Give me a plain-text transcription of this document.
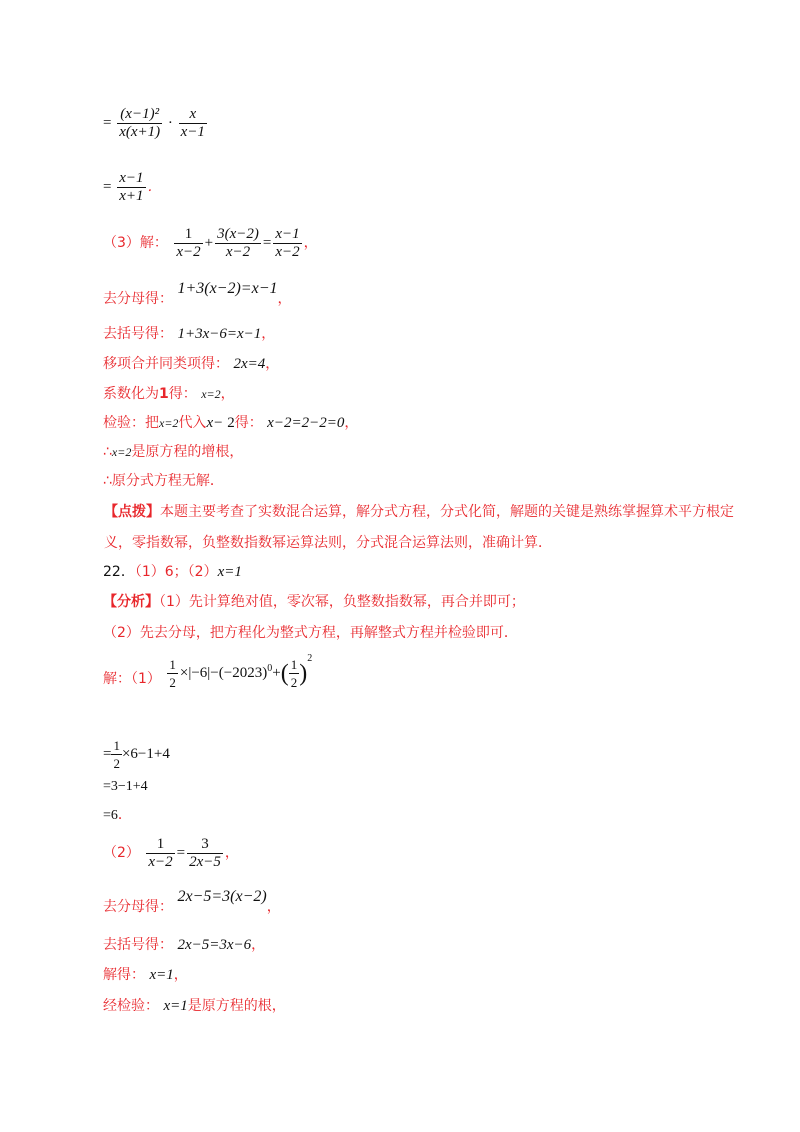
= $\frac{\text{(x−1)²}}{x(x+1)} \cdot \frac{x}{x-1}$
= $\frac{x-1}{x+1}$ ．
（3）解： $\frac{1}{x-2} + \frac{3(x-2)}{x-2} = \frac{x-1}{x-2}$ ，
去分母得： 1+3(x−2)=x−1，
去括号得： 1+3x−6=x−1，
移项合并同类项得： 2x=4，
系数化为1得： x=2，
检验：把x=2代入x− 2得： x−2=2−2=0，
∴x=2是原方程的增根，
∴原分式方程无解．
【点拨】本题主要考查了实数混合运算，解分式方程，分式化简，解题的关键是熟练掌握算术平方根定义，零指数幂，负整数指数幂运算法则，分式混合运算法则，准确计算．
22．（1）6；（2）x=1
【分析】（1）先计算绝对值，零次幂，负整数指数幂，再合并即可；
（2）先去分母，把方程化为整式方程，再解整式方程并检验即可．
解：$(1) \frac{1}{2} \times|-6|-(-2023)^0+( \frac{1}{2} )^2$
= $\frac{1}{2} \times 6-1+4$
=3−1+4
=6．
$(2) \frac{1}{x-2} = \frac{3}{2x-5}$ ，
去分母得： 2x−5=3(x−2)，
去括号得： 2x−5=3x−6，
解得： x=1，
经检验： x=1是原方程的根，
